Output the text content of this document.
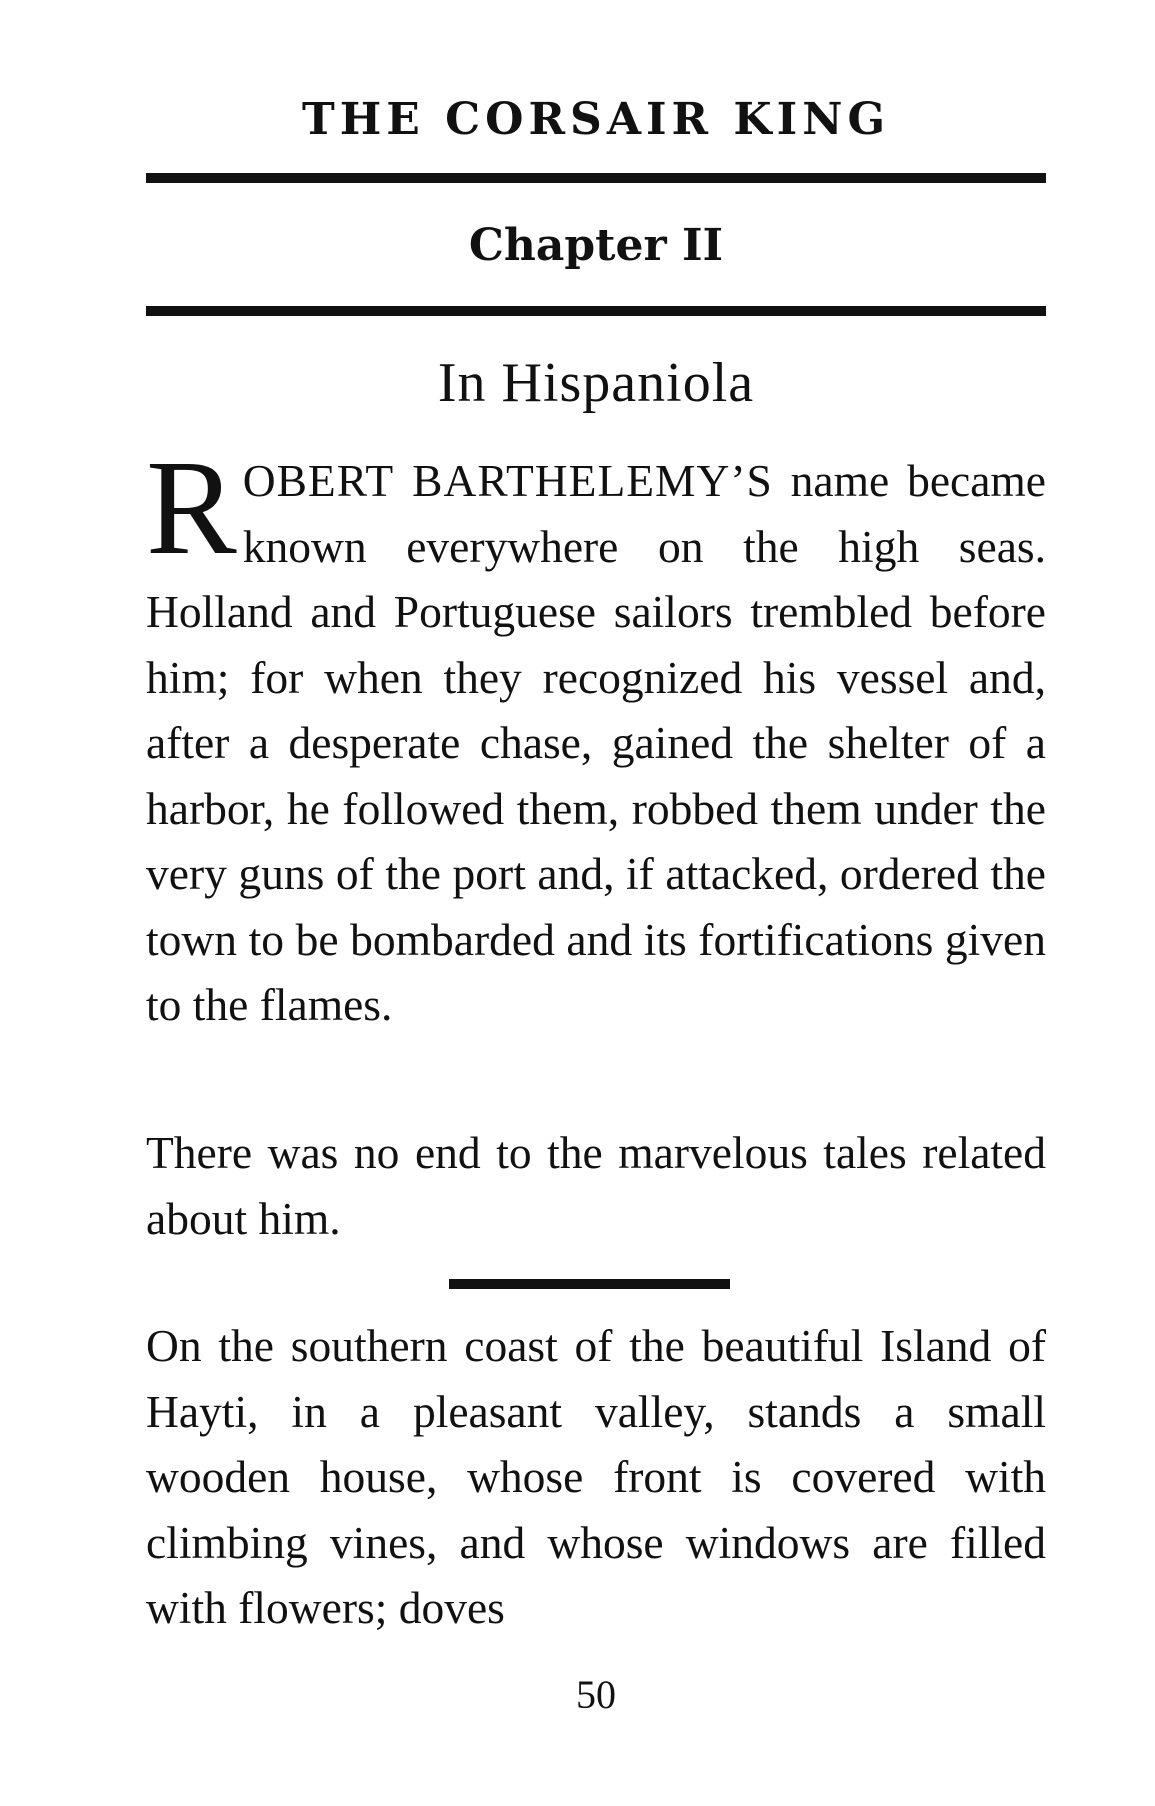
THE CORSAIR KING
Chapter II
In Hispaniola
ROBERT BARTHELEMY’S name became known everywhere on the high seas. Holland and Portuguese sailors trembled before him; for when they recognized his vessel and, after a desperate chase, gained the shelter of a harbor, he followed them, robbed them under the very guns of the port and, if attacked, ordered the town to be bombarded and its fortifications given to the flames.
There was no end to the marvelous tales related about him.
On the southern coast of the beautiful Island of Hayti, in a pleasant valley, stands a small wooden house, whose front is covered with climbing vines, and whose windows are filled with flowers; doves
50
